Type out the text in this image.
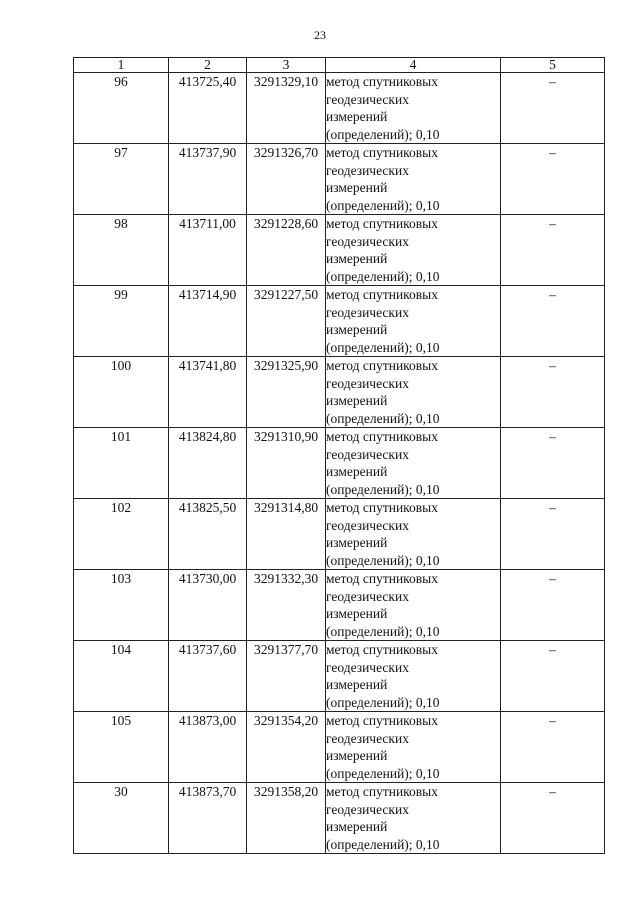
23
1	2	3	4	5
96	413725,40	3291329,10	метод спутниковых
геодезических
измерений
(определений); 0,10	–
97	413737,90	3291326,70	метод спутниковых
геодезических
измерений
(определений); 0,10	–
98	413711,00	3291228,60	метод спутниковых
геодезических
измерений
(определений); 0,10	–
99	413714,90	3291227,50	метод спутниковых
геодезических
измерений
(определений); 0,10	–
100	413741,80	3291325,90	метод спутниковых
геодезических
измерений
(определений); 0,10	–
101	413824,80	3291310,90	метод спутниковых
геодезических
измерений
(определений); 0,10	–
102	413825,50	3291314,80	метод спутниковых
геодезических
измерений
(определений); 0,10	–
103	413730,00	3291332,30	метод спутниковых
геодезических
измерений
(определений); 0,10	–
104	413737,60	3291377,70	метод спутниковых
геодезических
измерений
(определений); 0,10	–
105	413873,00	3291354,20	метод спутниковых
геодезических
измерений
(определений); 0,10	–
30	413873,70	3291358,20	метод спутниковых
геодезических
измерений
(определений); 0,10	–
